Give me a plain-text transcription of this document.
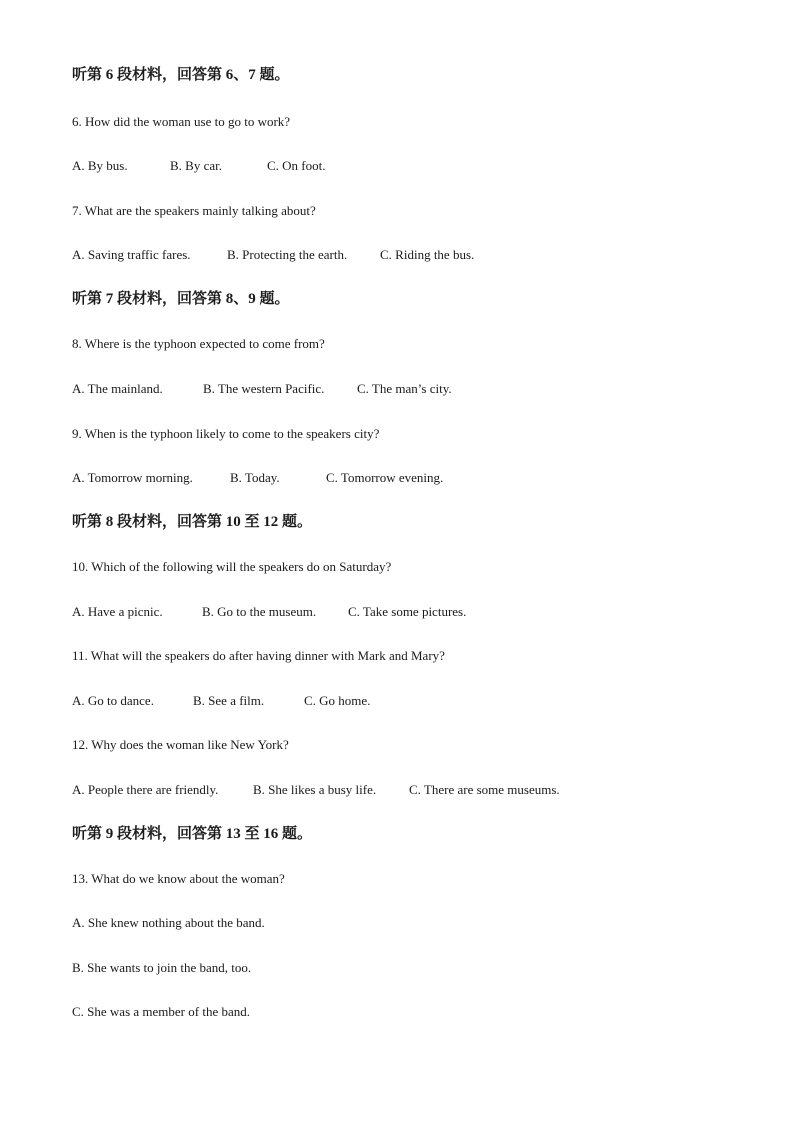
听第 6 段材料，回答第 6、7 题。
6. How did the woman use to go to work?
A. By bus.	B. By car.	C. On foot.
7. What are the speakers mainly talking about?
A. Saving traffic fares.	B. Protecting the earth.	C. Riding the bus.
听第 7 段材料，回答第 8、9 题。
8. Where is the typhoon expected to come from?
A. The mainland.	B. The western Pacific.	C. The man’s city.
9. When is the typhoon likely to come to the speakers city?
A. Tomorrow morning.	B. Today.	C. Tomorrow evening.
听第 8 段材料，回答第 10 至 12 题。
10. Which of the following will the speakers do on Saturday?
A. Have a picnic.	B. Go to the museum. C. Take some pictures.
11. What will the speakers do after having dinner with Mark and Mary?
A. Go to dance.	B. See a film.	C. Go home.
12. Why does the woman like New York?
A. People there are friendly.	B. She likes a busy life.	C. There are some museums.
听第 9 段材料，回答第 13 至 16 题。
13. What do we know about the woman?
A. She knew nothing about the band.
B. She wants to join the band, too.
C. She was a member of the band.
